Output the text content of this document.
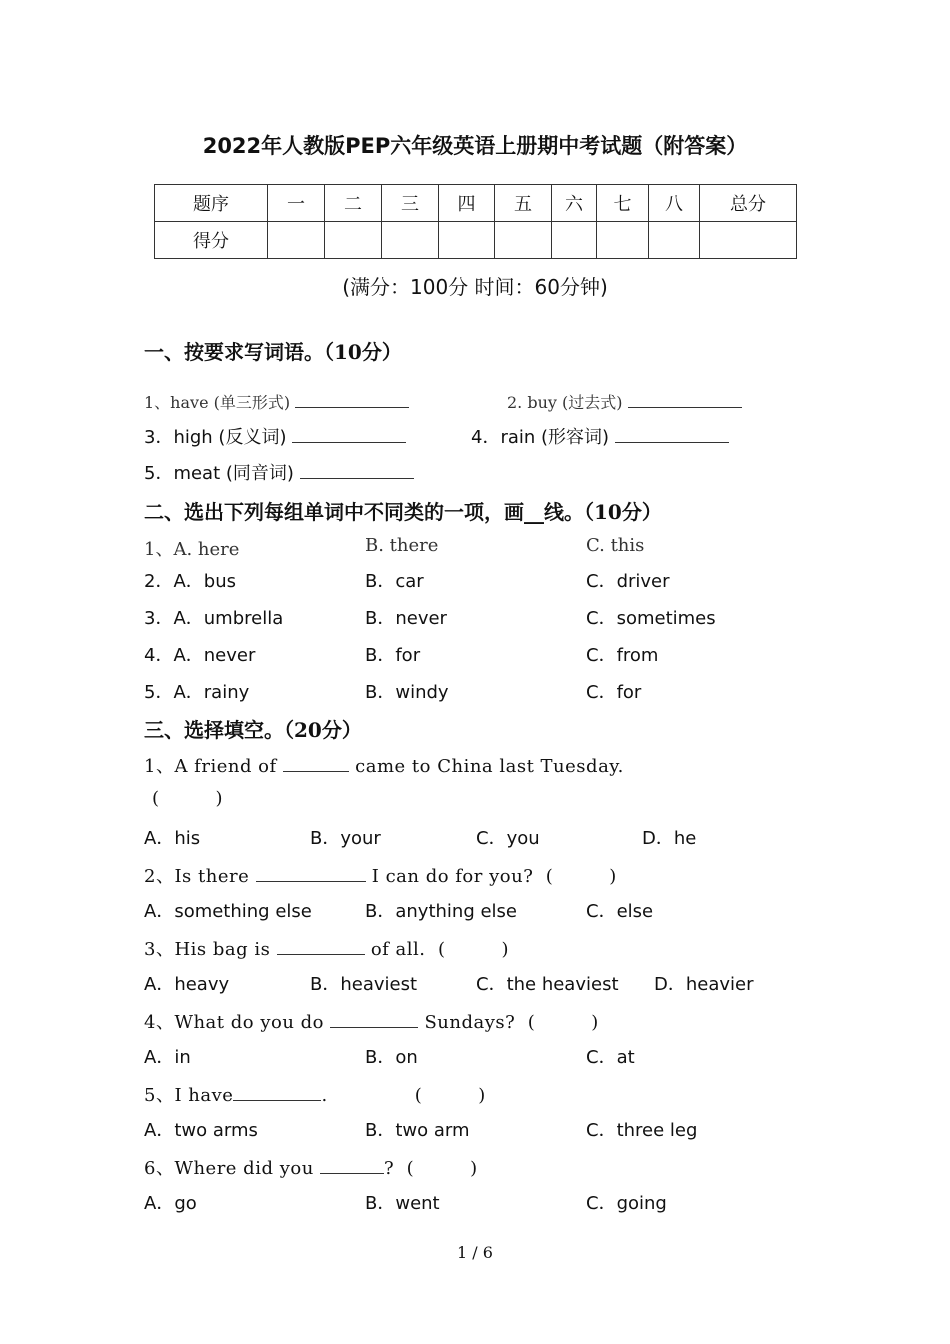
2022年人教版PEP六年级英语上册期中考试题（附答案）
题序	一	二	三	四	五	六	七	八	总分
得分									
(满分：100分 时间：60分钟)
一、按要求写词语。（10分）
1、have (单三形式)	2. buy (过去式)
3．high (反义词)	4．rain (形容词)
5．meat (同音词)
二、选出下列每组单词中不同类的一项，画__线。（10分）
1、A. here	B. there	C. this
2．A．bus	B．car	C．driver
3．A．umbrella	B．never	C．sometimes
4．A．never	B．for	C．from
5．A．rainy	B．windy	C．for
三、选择填空。（20分）
1、A friend of	came to China last Tuesday.
(         )
A．his	B．your	C．you	D．he
2、Is there	I can do for you?  (         )
A．something else	B．anything else	C．else
3、His bag is	of all.  (         )
A．heavy	B．heaviest	C．the heaviest D．heavier
4、What do you do	Sundays?  (         )
A．in	B．on	C．at
5、I have	.              (         )
A．two arms	B．two arm	C．three leg
6、Where did you	?  (         )
A．go	B．went	C．going
1 / 6
